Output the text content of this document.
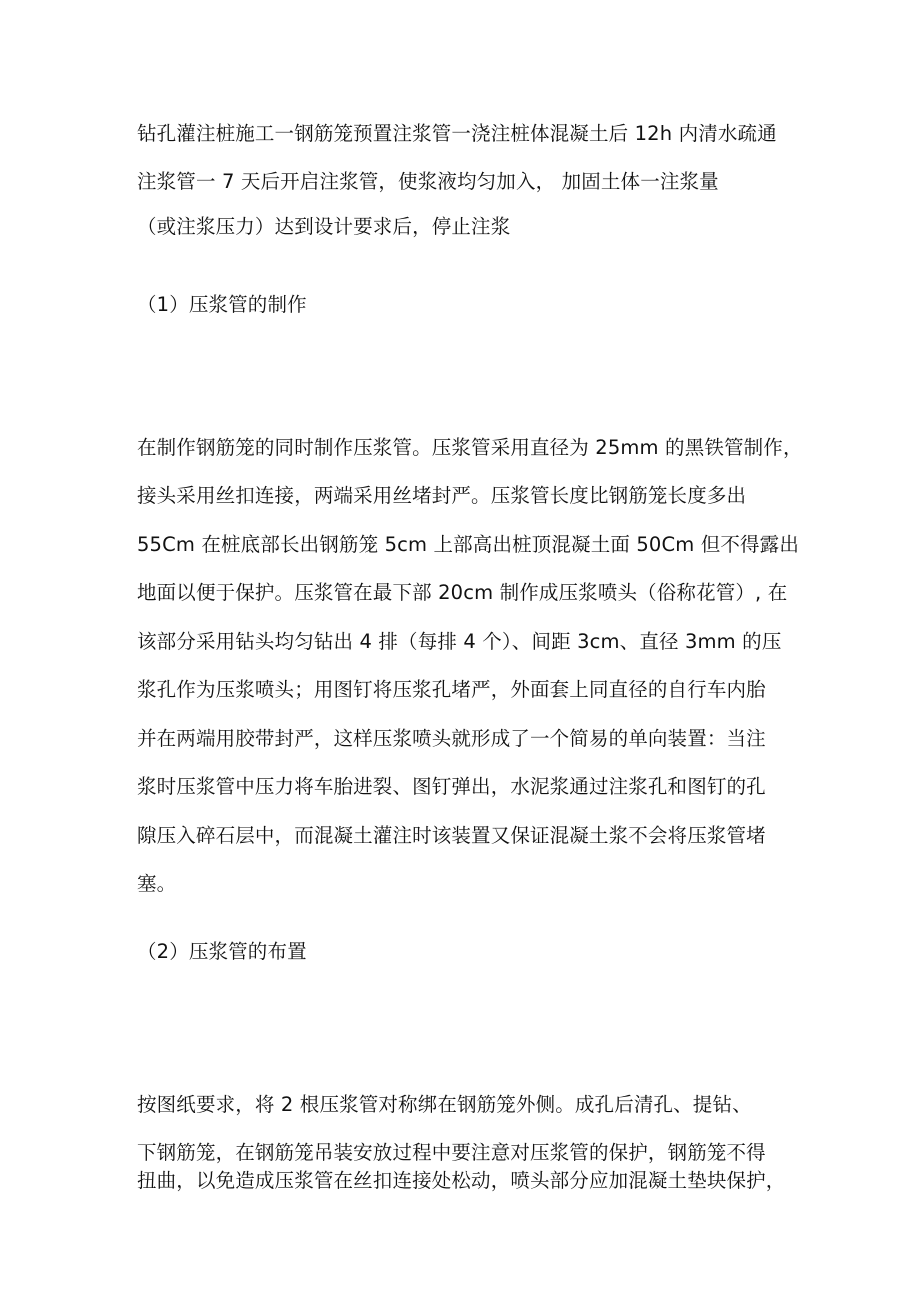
钻孔灌注桩施工一钢筋笼预置注浆管一浇注桩体混凝土后 12h 内清水疏通
注浆管一 7 天后开启注浆管，使浆液均匀加入， 加固土体一注浆量
（或注浆压力）达到设计要求后，停止注浆
（1）压浆管的制作
在制作钢筋笼的同时制作压浆管。压浆管采用直径为 25mm 的黑铁管制作，
接头采用丝扣连接，两端采用丝堵封严。压浆管长度比钢筋笼长度多出
55Cm 在桩底部长出钢筋笼 5cm 上部高出桩顶混凝土面 50Cm 但不得露出
地面以便于保护。压浆管在最下部 20cm 制作成压浆喷头（俗称花管）, 在
该部分采用钻头均匀钻出 4 排（每排 4 个）、间距 3cm、直径 3mm 的压
浆孔作为压浆喷头；用图钉将压浆孔堵严，外面套上同直径的自行车内胎
并在两端用胶带封严，这样压浆喷头就形成了一个简易的单向装置：当注
浆时压浆管中压力将车胎进裂、图钉弹出，水泥浆通过注浆孔和图钉的孔
隙压入碎石层中，而混凝土灌注时该装置又保证混凝土浆不会将压浆管堵
塞。
（2）压浆管的布置
按图纸要求，将 2 根压浆管对称绑在钢筋笼外侧。成孔后清孔、提钻、
下钢筋笼，在钢筋笼吊装安放过程中要注意对压浆管的保护，钢筋笼不得
扭曲，以免造成压浆管在丝扣连接处松动，喷头部分应加混凝土垫块保护，
